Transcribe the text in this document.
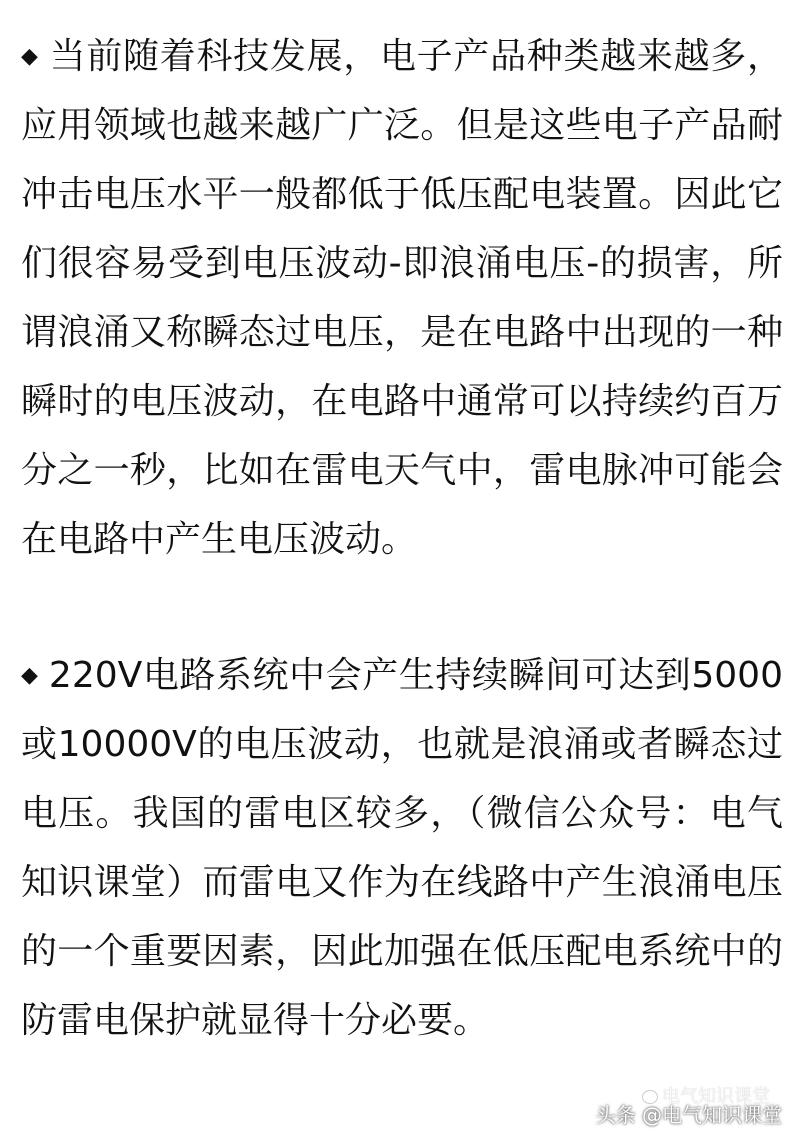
◆ 当前随着科技发展，电子产品种类越来越多，应用领域也越来越广广泛。但是这些电子产品耐冲击电压水平一般都低于低压配电装置。因此它们很容易受到电压波动-即浪涌电压-的损害，所谓浪涌又称瞬态过电压，是在电路中出现的一种瞬时的电压波动，在电路中通常可以持续约百万分之一秒，比如在雷电天气中，雷电脉冲可能会在电路中产生电压波动。

◆ 220V电路系统中会产生持续瞬间可达到5000或10000V的电压波动，也就是浪涌或者瞬态过电压。我国的雷电区较多，（微信公众号：电气知识课堂）而雷电又作为在线路中产生浪涌电压的一个重要因素，因此加强在低压配电系统中的防雷电保护就显得十分必要。

电气知识课堂
头条 @电气知识课堂
